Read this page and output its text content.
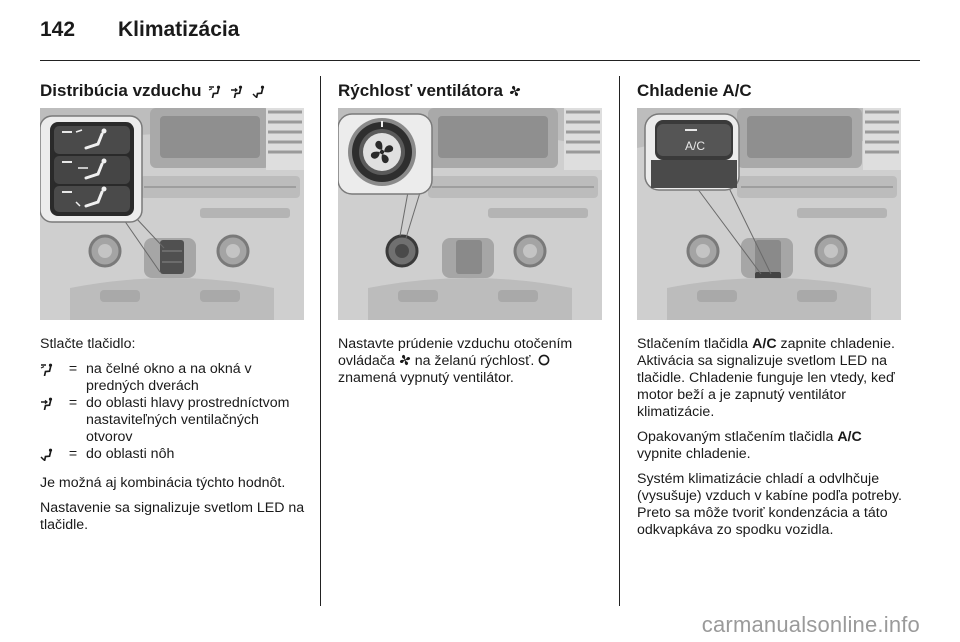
142 Klimatizácia
Distribúcia vzduchu

Stlačte tlačidlo:

= na čelné okno a na okná v predných dverách
= do oblasti hlavy prostredníctvom nastaviteľných ventilačných otvorov
= do oblasti nôh

Je možná aj kombinácia týchto hodnôt.

Nastavenie sa signalizuje svetlom LED na tlačidle.

Rýchlosť ventilátora

Nastavte prúdenie vzduchu otočením ovládača na želanú rýchlosť.  znamená vypnutý ventilátor.

Chladenie A/C
A/C

Stlačením tlačidla A/C zapnite chladenie. Aktivácia sa signalizuje svetlom LED na tlačidle. Chladenie funguje len vtedy, keď motor beží a je zapnutý ventilátor klimatizácie.

Opakovaným stlačením tlačidla A/C vypnite chladenie.

Systém klimatizácie chladí a odvlhčuje (vysušuje) vzduch v kabíne podľa potreby. Preto sa môže tvoriť kondenzácia a táto odkvapkáva zo spodku vozidla.

carmanualsonline.info
